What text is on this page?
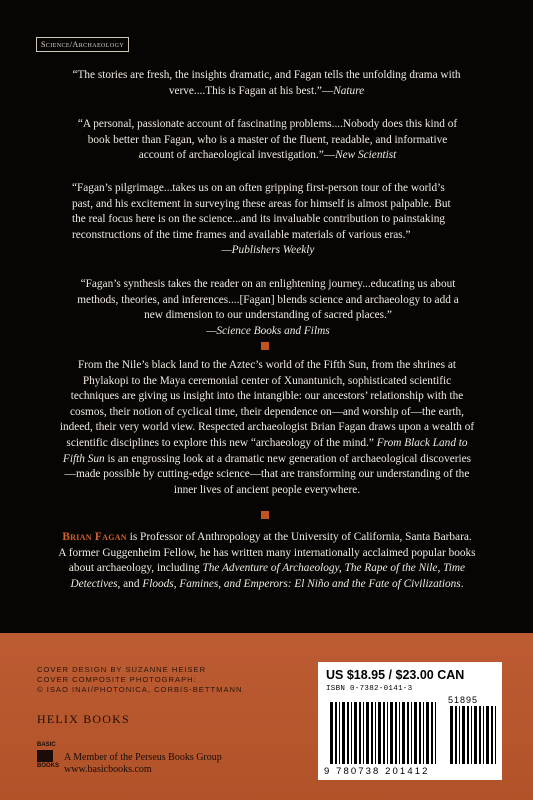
Science/Archaeology
“The stories are fresh, the insights dramatic, and Fagan tells the unfolding drama with verve....This is Fagan at his best.”—Nature
“A personal, passionate account of fascinating problems....Nobody does this kind of book better than Fagan, who is a master of the fluent, readable, and informative account of archaeological investigation.”—New Scientist
“Fagan’s pilgrimage...takes us on an often gripping first-person tour of the world’s past, and his excitement in surveying these areas for himself is almost palpable. But the real focus here is on the science...and its invaluable contribution to painstaking reconstructions of the time frames and available materials of various eras.”
—Publishers Weekly
“Fagan’s synthesis takes the reader on an enlightening journey...educating us about methods, theories, and inferences....[Fagan] blends science and archaeology to add a new dimension to our understanding of sacred places.”
—Science Books and Films
From the Nile’s black land to the Aztec’s world of the Fifth Sun, from the shrines at Phylakopi to the Maya ceremonial center of Xunantunich, sophisticated scientific techniques are giving us insight into the intangible: our ancestors’ relationship with the cosmos, their notion of cyclical time, their dependence on—and worship of—the earth, indeed, their very world view. Respected archaeologist Brian Fagan draws upon a wealth of scientific disciplines to explore this new “archaeology of the mind.” From Black Land to Fifth Sun is an engrossing look at a dramatic new generation of archaeological discoveries—made possible by cutting-edge science—that are transforming our understanding of the inner lives of ancient people everywhere.
Brian Fagan is Professor of Anthropology at the University of California, Santa Barbara. A former Guggenheim Fellow, he has written many internationally acclaimed popular books about archaeology, including The Adventure of Archaeology, The Rape of the Nile, Time Detectives, and Floods, Famines, and Emperors: El Niño and the Fate of Civilizations.
COVER DESIGN BY SUZANNE HEISER
COVER COMPOSITE PHOTOGRAPH:
© ISAO INAI/PHOTONICA, CORBIS-BETTMANN
HELIX BOOKS
BASIC
BOOKS
A Member of the Perseus Books Group
www.basicbooks.com
US $18.95 / $23.00 CAN
ISBN 0-7382-0141-3
51895
9 780738 201412
